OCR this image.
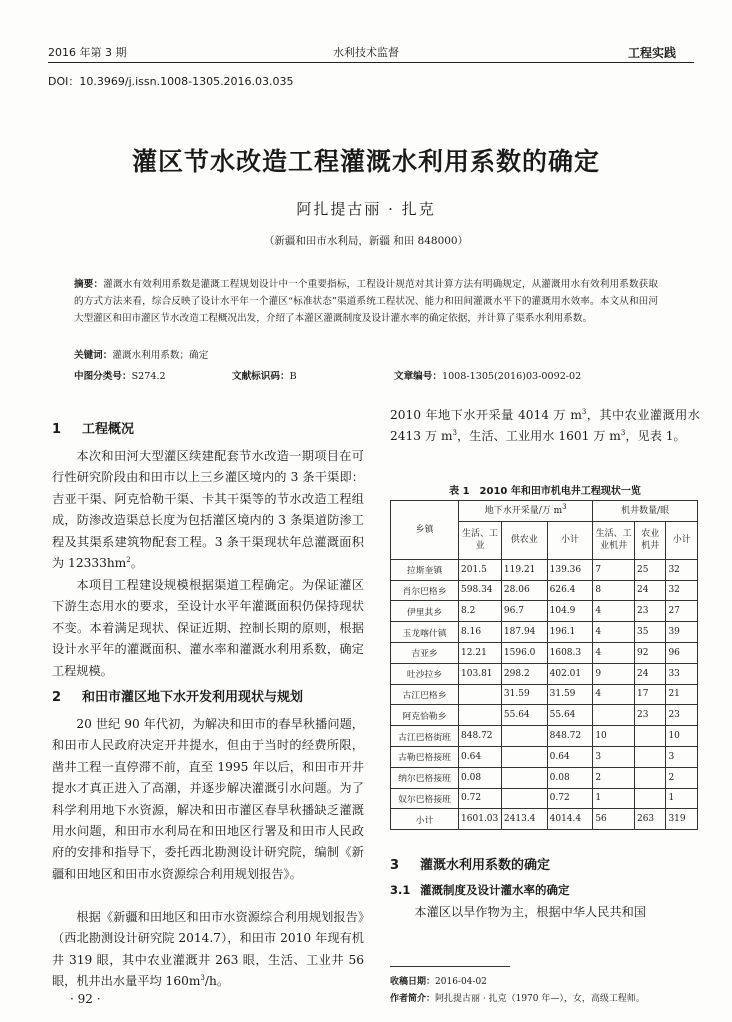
2016 年第 3 期	水利技术监督	工程实践
DOI：10.3969/j.issn.1008-1305.2016.03.035
灌区节水改造工程灌溉水利用系数的确定
阿扎提古丽 · 扎克
（新疆和田市水利局，新疆 和田 848000）
摘要：灌溉水有效利用系数是灌溉工程规划设计中一个重要指标，工程设计规范对其计算方法有明确规定，从灌溉用水有效利用系数获取的方式方法来看，综合反映了设计水平年一个灌区“标准状态”渠道系统工程状况、能力和田间灌溉水平下的灌溉用水效率。本文从和田河大型灌区和田市灌区节水改造工程概况出发，介绍了本灌区灌溉制度及设计灌水率的确定依据，并计算了渠系水利用系数。
关键词：灌溉水利用系数；确定
中图分类号：S274.2	文献标识码：B	文章编号：1008-1305(2016)03-0092-02
1 工程概况

本次和田河大型灌区续建配套节水改造一期项目在可行性研究阶段由和田市以上三乡灌区境内的 3 条干渠即：吉亚干渠、阿克恰勒干渠、卡其干渠等的节水改造工程组成，防渗改造渠总长度为包括灌区境内的 3 条渠道防渗工程及其渠系建筑物配套工程。3 条干渠现状年总灌溉面积为 $12333hm^2$。

本项目工程建设规模根据渠道工程确定。为保证灌区下游生态用水的要求，至设计水平年灌溉面积仍保持现状不变。本着满足现状、保证近期、控制长期的原则，根据设计水平年的灌溉面积、灌水率和灌溉水利用系数，确定工程规模。

2 和田市灌区地下水开发利用现状与规划

20 世纪 90 年代初，为解决和田市的春旱秋播问题，和田市人民政府决定开井提水，但由于当时的经费所限，凿井工程一直停滞不前，直至 1995 年以后，和田市开井提水才真正进入了高潮，并逐步解决灌溉引水问题。为了科学利用地下水资源，解决和田市灌区春旱秋播缺乏灌溉用水问题，和田市水利局在和田地区行署及和田市人民政府的安排和指导下，委托西北勘测设计研究院，编制《新疆和田地区和田市水资源综合利用规划报告》。

根据《新疆和田地区和田市水资源综合利用规划报告》（西北勘测设计研究院 2014.7），和田市 2010 年现有机井 319 眼，其中农业灌溉井 263 眼，生活、工业井 56 眼，机井出水量平均 $160m^3/h$。

2010 年地下水开采量 4014 万 $m^3$，其中农业灌溉用水 2413 万 $m^3$，生活、工业用水 1601 万 $m^3$，见表 1。

表 1　2010 年和田市机电井工程现状一览
乡镇	地下水开采量/万 $m^3$			机井数量/眼		
	生活、工业	供农业	小计	生活、工业机井	农业机井	小计
拉斯奎镇	201.5	119.21	139.36	7	25	32
肖尔巴格乡	598.34	28.06	626.4	8	24	32
伊里其乡	8.2	96.7	104.9	4	23	27
玉龙喀什镇	8.16	187.94	196.1	4	35	39
吉亚乡	12.21	1596.0	1608.3	4	92	96
吐沙拉乡	103.81	298.2	402.01	9	24	33
古江巴格乡		31.59	31.59	4	17	21
阿克恰勒乡		55.64	55.64		23	23
古江巴格街班	848.72		848.72	10		10
古勒巴格接班	0.64		0.64	3		3
纳尔巴格接班	0.08		0.08	2		2
奴尔巴格接班	0.72		0.72	1		1
小计	1601.03	2413.4	4014.4	56	263	319
3 灌溉水利用系数的确定
3.1 灌溉制度及设计灌水率的确定

本灌区以旱作物为主，根据中华人民共和国

收稿日期：2016-04-02
作者简介：阿扎提古丽 · 扎克（1970 年—），女，高级工程师。
· 92 ·
